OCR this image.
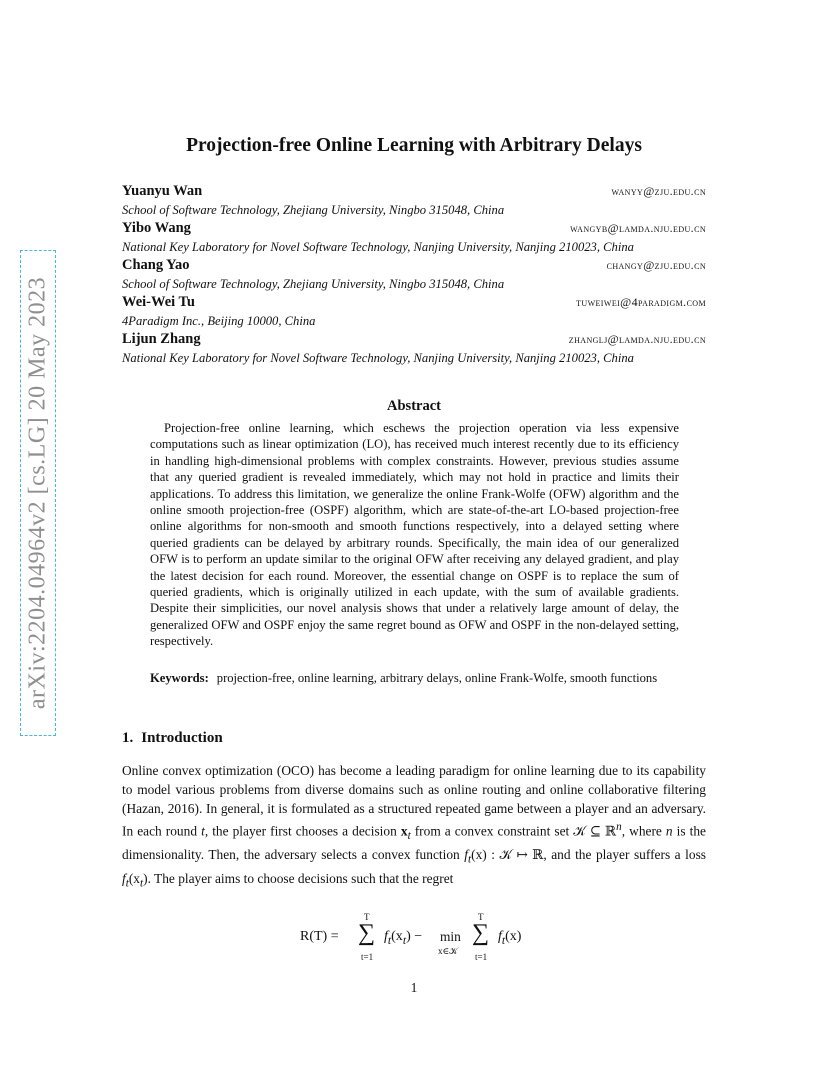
arXiv:2204.04964v2 [cs.LG] 20 May 2023
Projection-free Online Learning with Arbitrary Delays
Yuanyu Wan	wanyy@zju.edu.cn
School of Software Technology, Zhejiang University, Ningbo 315048, China
Yibo Wang	wangyb@lamda.nju.edu.cn
National Key Laboratory for Novel Software Technology, Nanjing University, Nanjing 210023, China
Chang Yao	changy@zju.edu.cn
School of Software Technology, Zhejiang University, Ningbo 315048, China
Wei-Wei Tu	tuweiwei@4paradigm.com
4Paradigm Inc., Beijing 10000, China
Lijun Zhang	zhanglj@lamda.nju.edu.cn
National Key Laboratory for Novel Software Technology, Nanjing University, Nanjing 210023, China
Abstract

Projection-free online learning, which eschews the projection operation via less expensive computations such as linear optimization (LO), has received much interest recently due to its efficiency in handling high-dimensional problems with complex constraints. However, previous studies assume that any queried gradient is revealed immediately, which may not hold in practice and limits their applications. To address this limitation, we generalize the online Frank-Wolfe (OFW) algorithm and the online smooth projection-free (OSPF) algorithm, which are state-of-the-art LO-based projection-free online algorithms for non-smooth and smooth functions respectively, into a delayed setting where queried gradients can be delayed by arbitrary rounds. Specifically, the main idea of our generalized OFW is to perform an update similar to the original OFW after receiving any delayed gradient, and play the latest decision for each round. Moreover, the essential change on OSPF is to replace the sum of queried gradients, which is originally utilized in each update, with the sum of available gradients. Despite their simplicities, our novel analysis shows that under a relatively large amount of delay, the generalized OFW and OSPF enjoy the same regret bound as OFW and OSPF in the non-delayed setting, respectively.

Keywords: projection-free, online learning, arbitrary delays, online Frank-Wolfe, smooth functions

1. Introduction

Online convex optimization (OCO) has become a leading paradigm for online learning due to its capability to model various problems from diverse domains such as online routing and online collaborative filtering (Hazan, 2016). In general, it is formulated as a structured repeated game between a player and an adversary. In each round t, the player first chooses a decision $x_t$ from a convex constraint set 𝒦 ⊆ ℝ$^n$, where n is the dimensionality. Then, the adversary selects a convex function $f_t(x)$ : 𝒦 ↦ ℝ, and the player suffers a loss $f_t(x_t)$. The player aims to choose decisions such that the regret

R(T) =
T
∑
t=1
$f_t(x_t) - \min$
x∈𝒦
T
∑
t=1
$f_t(x)$
1
